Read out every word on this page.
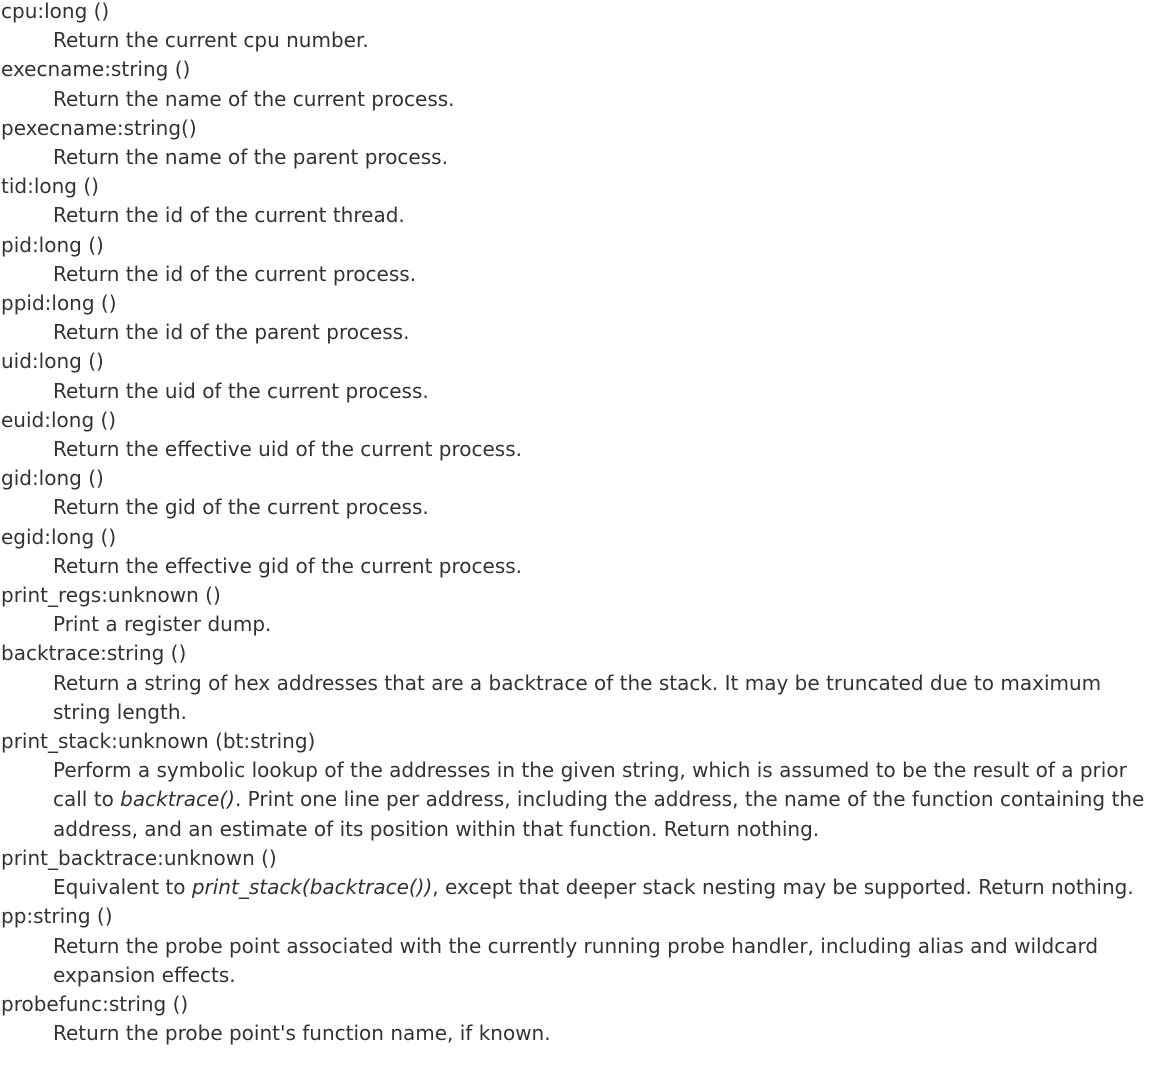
cpu:long ()
Return the current cpu number.
execname:string ()
Return the name of the current process.
pexecname:string()
Return the name of the parent process.
tid:long ()
Return the id of the current thread.
pid:long ()
Return the id of the current process.
ppid:long ()
Return the id of the parent process.
uid:long ()
Return the uid of the current process.
euid:long ()
Return the effective uid of the current process.
gid:long ()
Return the gid of the current process.
egid:long ()
Return the effective gid of the current process.
print_regs:unknown ()
Print a register dump.
backtrace:string ()
Return a string of hex addresses that are a backtrace of the stack. It may be truncated due to maximum string length.
print_stack:unknown (bt:string)
Perform a symbolic lookup of the addresses in the given string, which is assumed to be the result of a prior call to backtrace(). Print one line per address, including the address, the name of the function containing the address, and an estimate of its position within that function. Return nothing.
print_backtrace:unknown ()
Equivalent to print_stack(backtrace()), except that deeper stack nesting may be supported. Return nothing.
pp:string ()
Return the probe point associated with the currently running probe handler, including alias and wildcard expansion effects.
probefunc:string ()
Return the probe point's function name, if known.
